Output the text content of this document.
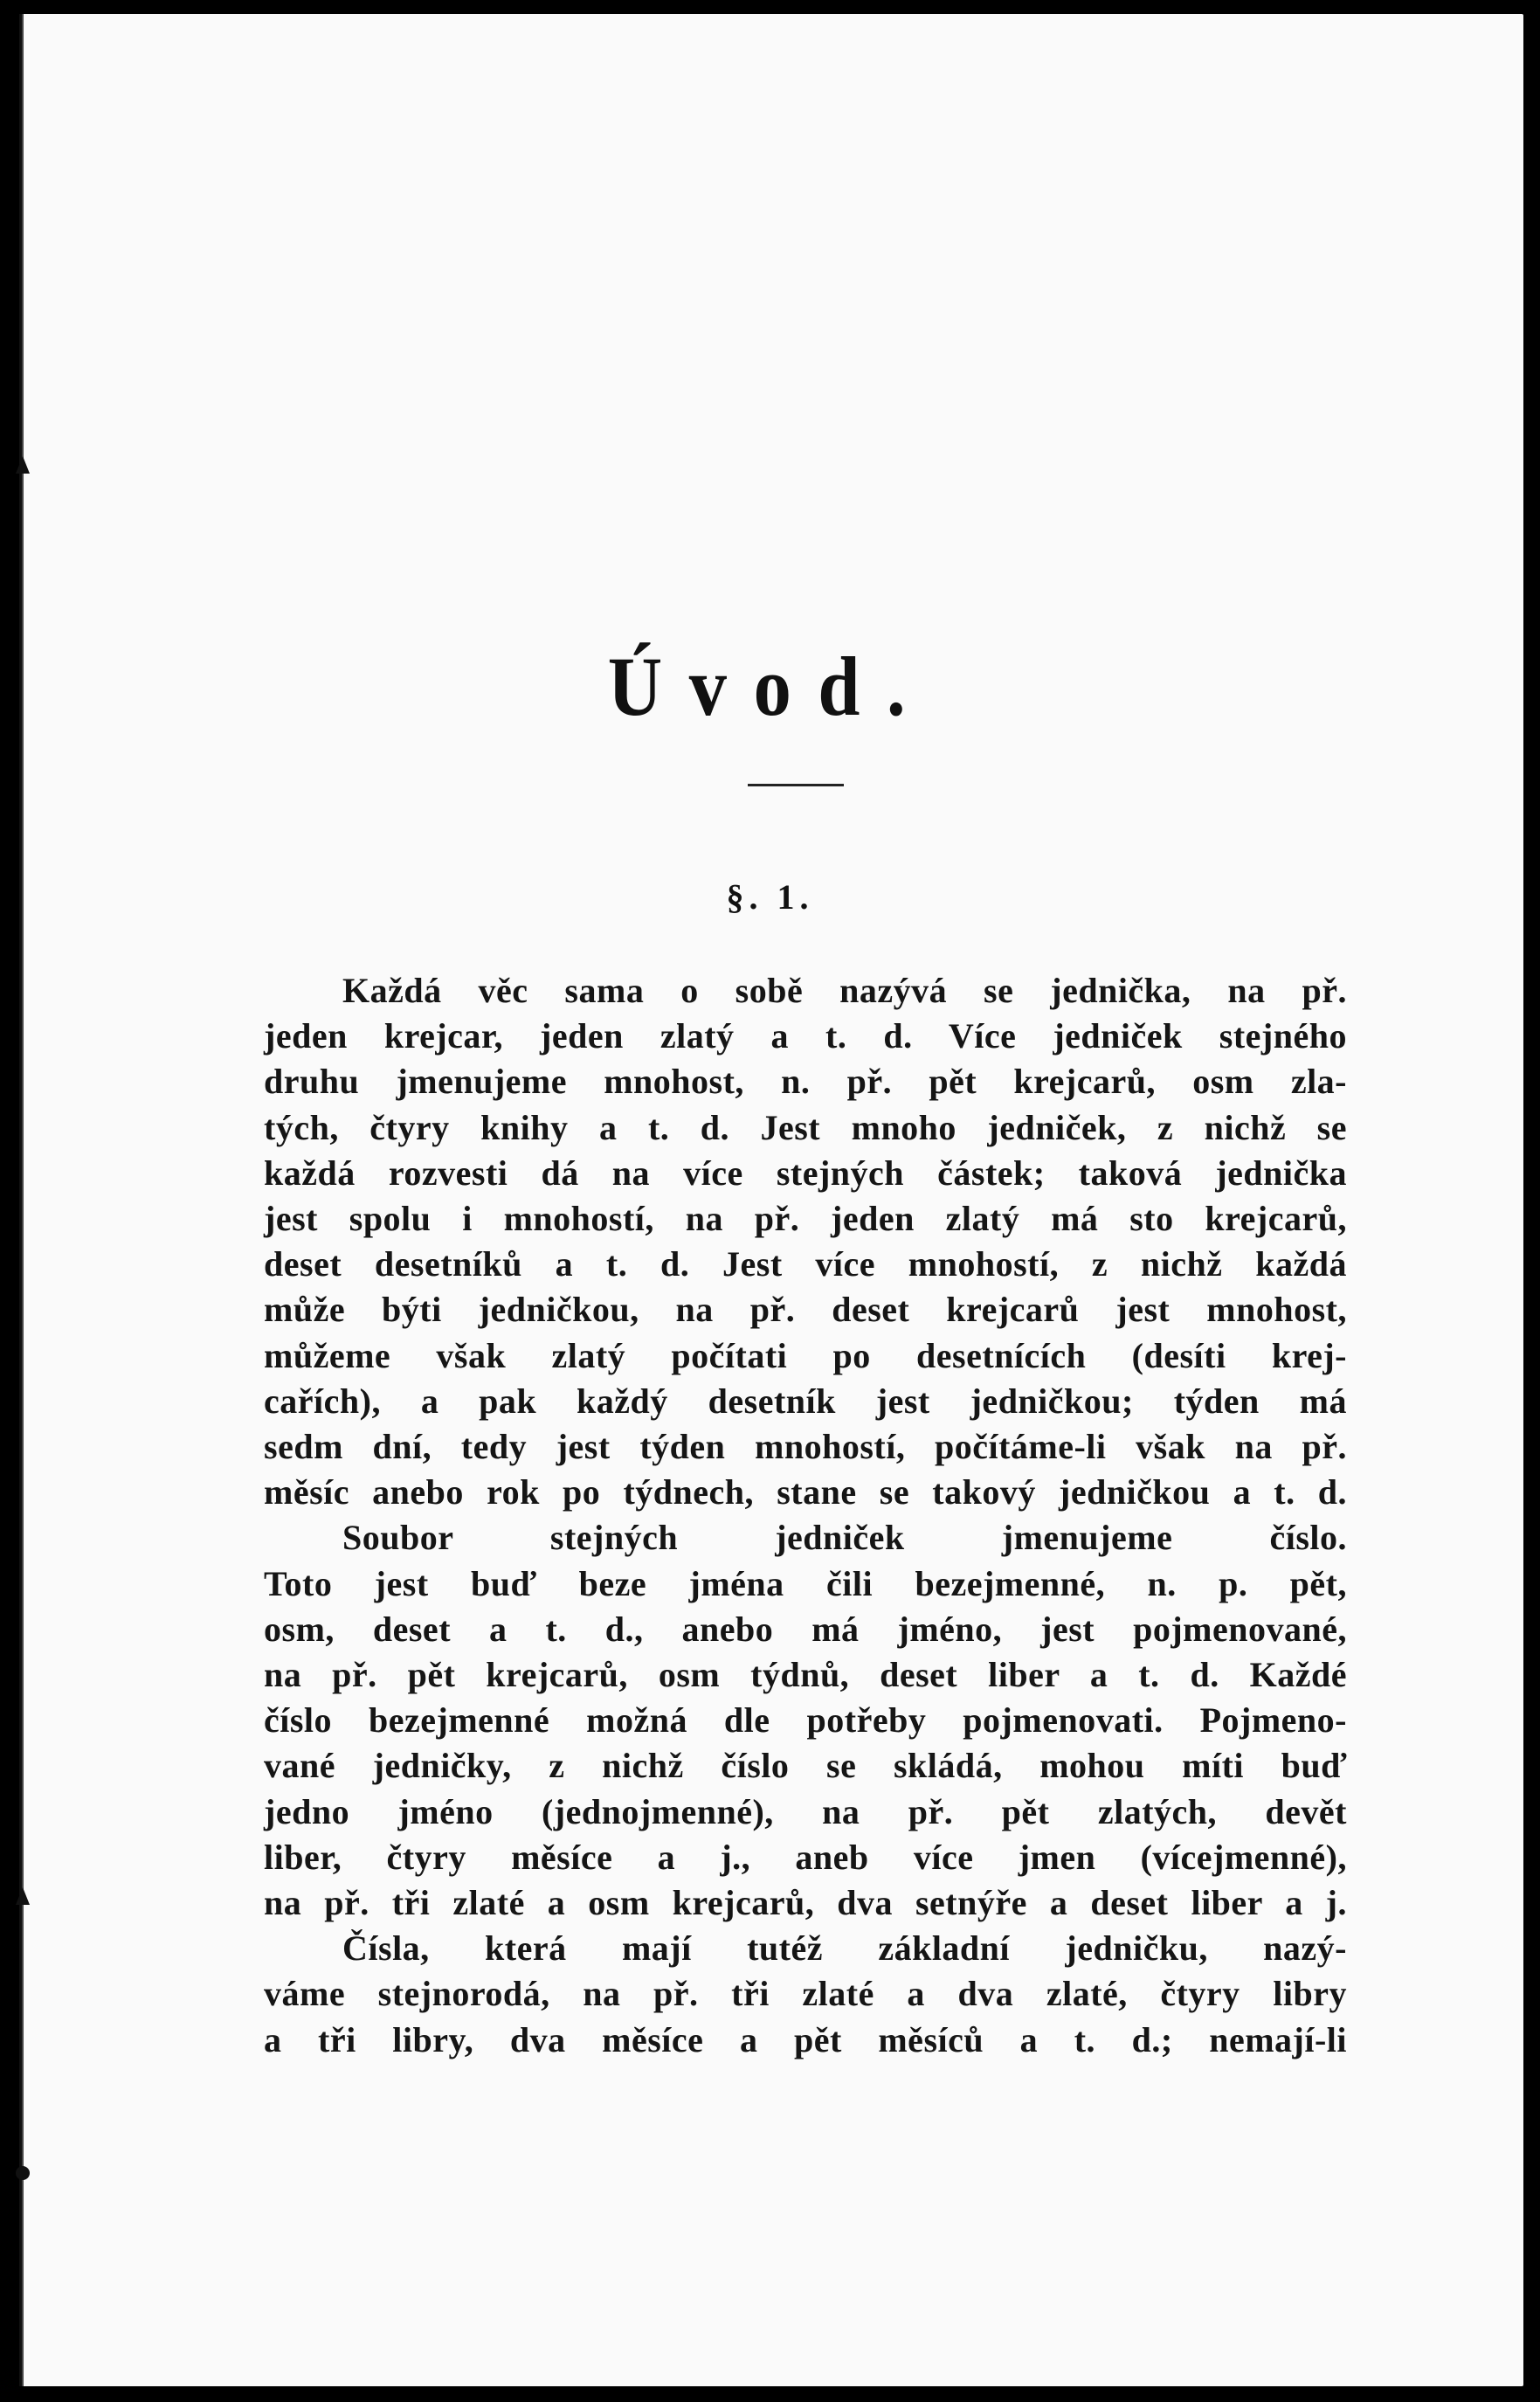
Úvod.
§. 1.
Každá věc sama o sobě nazývá se jednička, na př.
jeden krejcar, jeden zlatý a t. d. Více jedniček stejného
druhu jmenujeme mnohost, n. př. pět krejcarů, osm zla-
tých, čtyry knihy a t. d. Jest mnoho jedniček, z nichž se
každá rozvesti dá na více stejných částek; taková jednička
jest spolu i mnohostí, na př. jeden zlatý má sto krejcarů,
deset desetníků a t. d. Jest více mnohostí, z nichž každá
může býti jedničkou, na př. deset krejcarů jest mnohost,
můžeme však zlatý počítati po desetnících (desíti krej-
cařích), a pak každý desetník jest jedničkou; týden má
sedm dní, tedy jest týden mnohostí, počítáme-li však na př.
měsíc anebo rok po týdnech, stane se takový jedničkou a t. d.
Soubor stejných jedniček jmenujeme číslo.
Toto jest buď beze jména čili bezejmenné, n. p. pět,
osm, deset a t. d., anebo má jméno, jest pojmenované,
na př. pět krejcarů, osm týdnů, deset liber a t. d. Každé
číslo bezejmenné možná dle potřeby pojmenovati. Pojmeno-
vané jedničky, z nichž číslo se skládá, mohou míti buď
jedno jméno (jednojmenné), na př. pět zlatých, devět
liber, čtyry měsíce a j., aneb více jmen (vícejmenné),
na př. tři zlaté a osm krejcarů, dva setnýře a deset liber a j.
Čísla, která mají tutéž základní jedničku, nazý-
váme stejnorodá, na př. tři zlaté a dva zlaté, čtyry libry
a tři libry, dva měsíce a pět měsíců a t. d.; nemají-li
